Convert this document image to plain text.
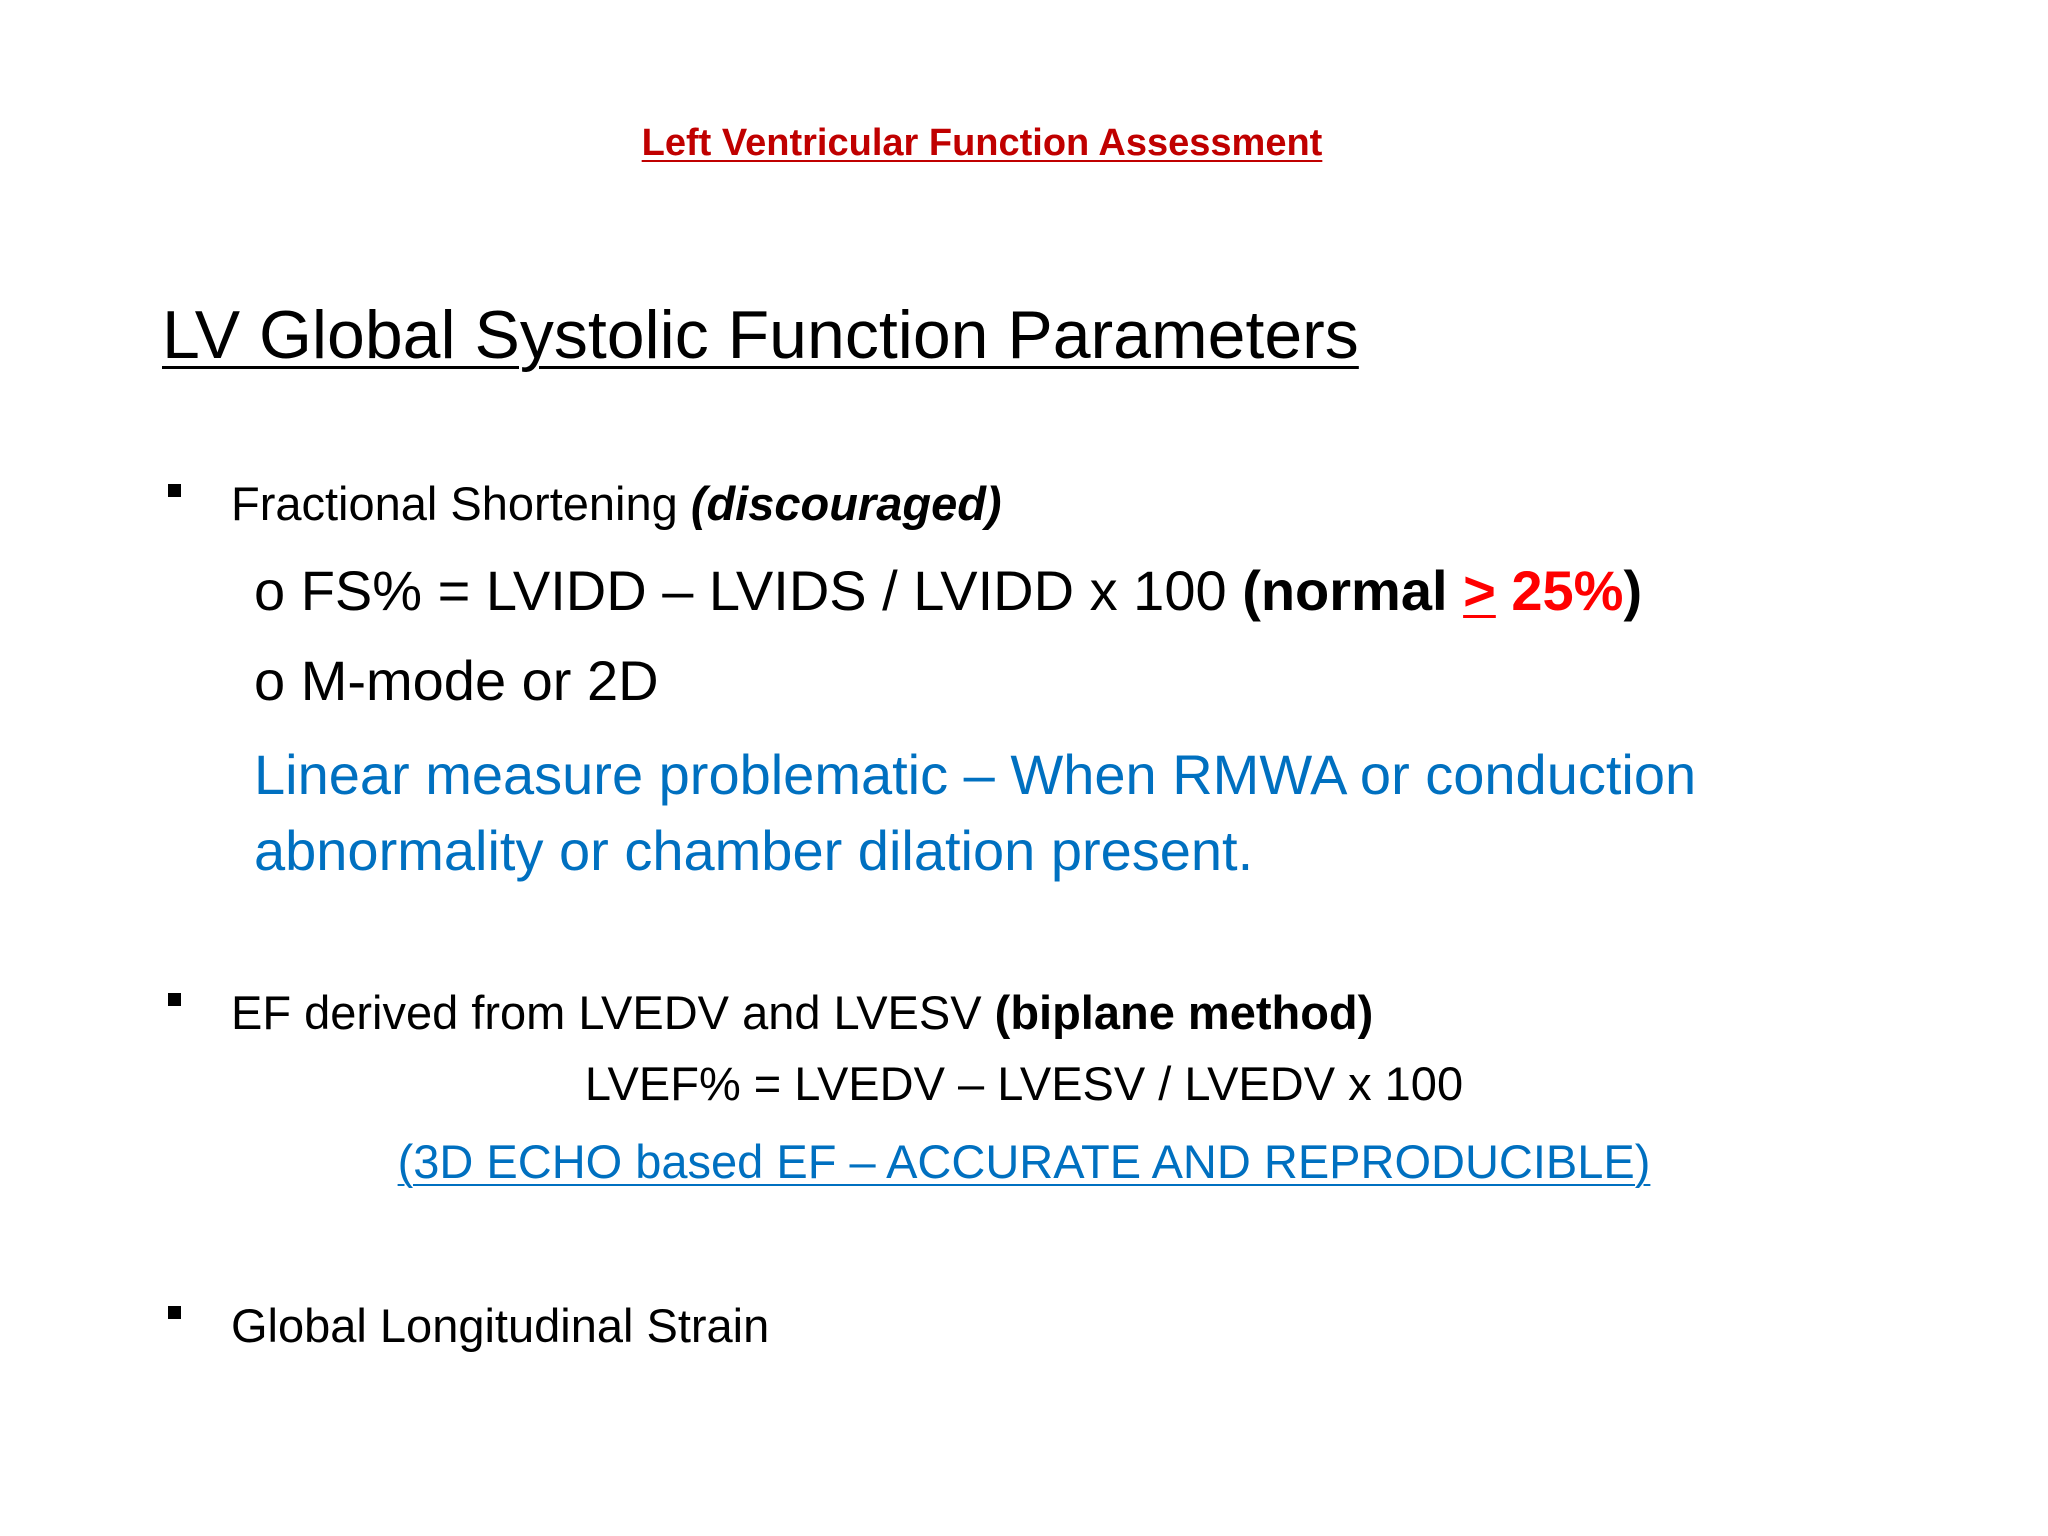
Left Ventricular Function Assessment
LV Global Systolic Function Parameters
Fractional Shortening (discouraged)
o FS% = LVIDD – LVIDS / LVIDD x 100 (normal > 25%)
o M-mode or 2D
Linear measure problematic – When RMWA or conduction abnormality or chamber dilation present.
EF derived from LVEDV and LVESV (biplane method)
LVEF% = LVEDV – LVESV / LVEDV x 100
(3D ECHO based EF – ACCURATE AND REPRODUCIBLE)
Global Longitudinal Strain
